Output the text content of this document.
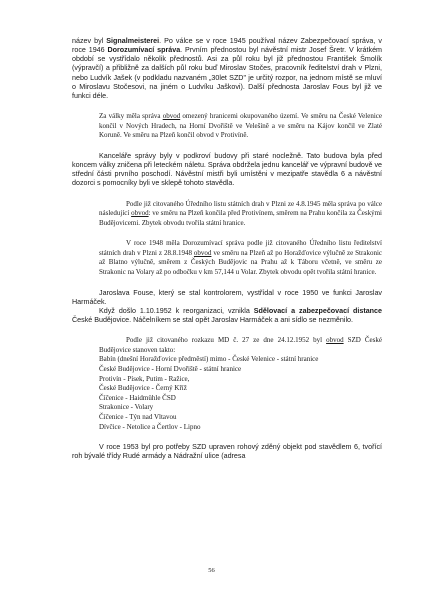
název byl Signalmeisterei. Po válce se v roce 1945 používal název Zabezpečovací správa, v roce 1946 Dorozumívací správa. Prvním přednostou byl návěstní mistr Josef Šretr. V krátkém období se vystřídalo několik přednostů. Asi za půl roku byl již přednostou František Šmolík (výpravčí) a přibližně za dalších půl roku buď Miroslav Stočes, pracovník ředitelství drah v Plzni, nebo Ludvík Jašek (v podkladu nazvaném „30let SZD" je určitý rozpor, na jednom místě se mluví o Miroslavu Stočesovi, na jiném o Ludvíku Jaškovi). Další přednosta Jaroslav Fous byl již ve funkci déle.

Za války měla správa obvod omezený hranicemi okupovaného území. Ve směru na České Velenice končil v Nových Hradech, na Horní Dvořiště ve Velešíně a ve směru na Kájov končil ve Zlaté Koruně. Ve směru na Plzeň končil obvod v Protivíně.

Kanceláře správy byly v podkroví budovy při staré nocležně. Tato budova byla před koncem války zničena při leteckém náletu. Správa obdržela jednu kancelář ve výpravní budově ve střední části prvního poschodí. Návěstní mistři byli umístěni v mezipatře stavědla 6 a návěstní dozorci s pomocníky byli ve sklepě tohoto stavědla.

Podle již citovaného Úředního listu státních drah v Plzni ze 4.8.1945 měla správa po válce následující obvod: ve směru na Plzeň končila před Protivínem, směrem na Prahu končila za Českými Budějovicemi. Zbytek obvodu tvořila státní hranice.

V roce 1948 měla Dorozumívací správa podle již citovaného Úředního listu ředitelství státních drah v Plzni z 28.8.1948 obvod ve směru na Plzeň až po Horažďovice výlučně ze Strakonic až Blatno výlučně, směrem z Českých Budějovic na Prahu až k Táboru včetně, ve směru ze Strakonic na Volary až po odbočku v km 57,144 u Volar. Zbytek obvodu opět tvořila státní hranice.

Jaroslava Fouse, který se stal kontrolorem, vystřídal v roce 1950 ve funkci Jaroslav Harmáček.

Když došlo 1.10.1952 k reorganizaci, vznikla Sdělovací a zabezpečovací distance České Budějovice. Náčelníkem se stal opět Jaroslav Harmáček a ani sídlo se nezměnilo.

Podle již citovaného rozkazu MD č. 27 ze dne 24.12.1952 byl obvod SZD České Budějovice stanoven takto:

Babín (dnešní Horažďovice předměstí) mimo - České Velenice - státní hranice

České Budějovice - Horní Dvořiště - státní hranice

Protivín - Písek, Putim - Ražice,

České Budějovice - Černý Kříž

Číčenice - Haidmühle ČSD

Strakonice - Volary

Číčenice - Týn nad Vltavou

Dívčice - Netolice a Čertlov - Lipno

V roce 1953 byl pro potřeby SZD upraven rohový zděný objekt pod stavědlem 6, tvořící roh bývalé třídy Rudé armády a Nádražní ulice (adresa

56
